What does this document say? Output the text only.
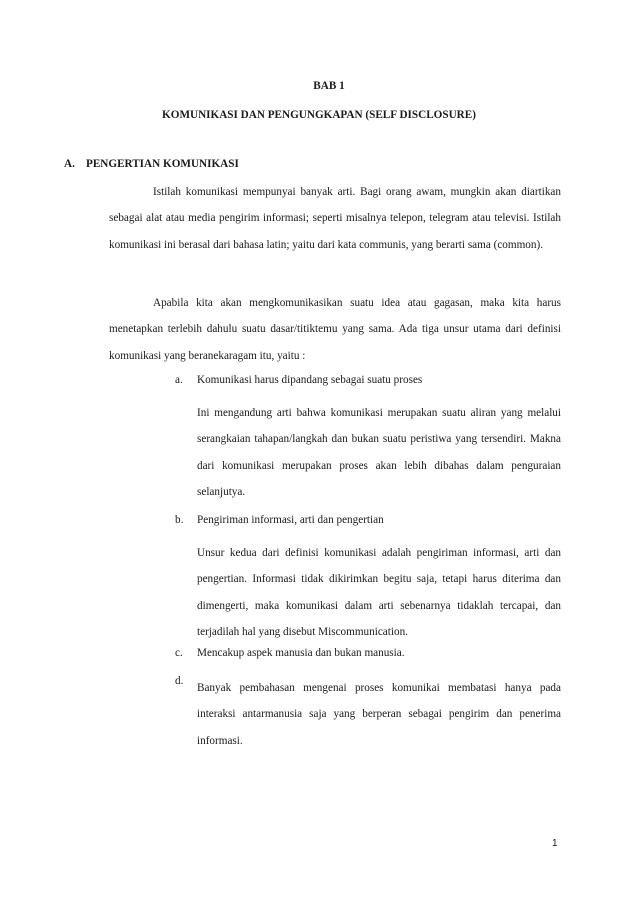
BAB 1
KOMUNIKASI DAN PENGUNGKAPAN (SELF DISCLOSURE)
A. PENGERTIAN KOMUNIKASI
Istilah komunikasi mempunyai banyak arti. Bagi orang awam, mungkin akan diartikan sebagai alat atau media pengirim informasi; seperti misalnya telepon, telegram atau televisi. Istilah komunikasi ini berasal dari bahasa latin; yaitu dari kata communis, yang berarti sama (common).
Apabila kita akan mengkomunikasikan suatu idea atau gagasan, maka kita harus menetapkan terlebih dahulu suatu dasar/titiktemu yang sama. Ada tiga unsur utama dari definisi komunikasi yang beranekaragam itu, yaitu :
a. Komunikasi harus dipandang sebagai suatu proses
Ini mengandung arti bahwa komunikasi merupakan suatu aliran yang melalui serangkaian tahapan/langkah dan bukan suatu peristiwa yang tersendiri. Makna dari komunikasi merupakan proses akan lebih dibahas dalam penguraian selanjutya.
b. Pengiriman informasi, arti dan pengertian
Unsur kedua dari definisi komunikasi adalah pengiriman informasi, arti dan pengertian. Informasi tidak dikirimkan begitu saja, tetapi harus diterima dan dimengerti, maka komunikasi dalam arti sebenarnya tidaklah tercapai, dan terjadilah hal yang disebut Miscommunication.
c. Mencakup aspek manusia dan bukan manusia.
d.
Banyak pembahasan mengenai proses komunikai membatasi hanya pada interaksi antarmanusia saja yang berperan sebagai pengirim dan penerima informasi.
1
